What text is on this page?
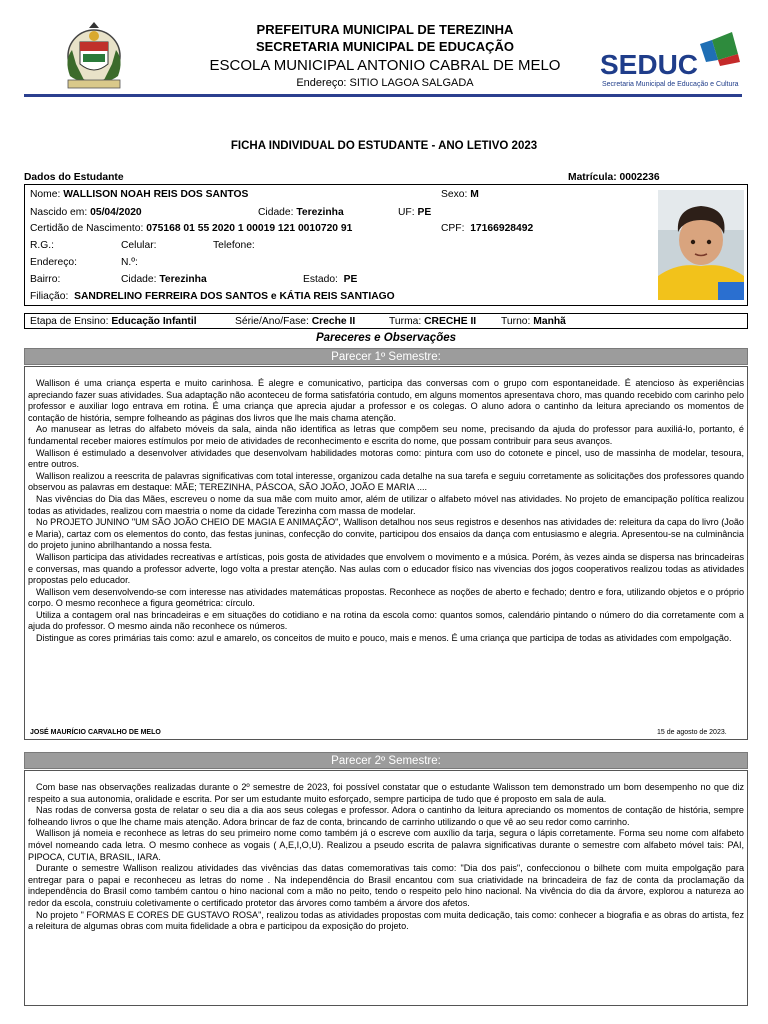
PREFEITURA MUNICIPAL DE TEREZINHA
SECRETARIA MUNICIPAL DE EDUCAÇÃO
ESCOLA MUNICIPAL ANTONIO CABRAL DE MELO
Endereço: SITIO LAGOA SALGADA
SEDUC
Secretaria Municipal de Educação e Cultura
FICHA INDIVIDUAL DO ESTUDANTE - ANO LETIVO 2023
Dados do Estudante	Matrícula: 0002236
Nome: WALLISON NOAH REIS DOS SANTOS	Sexo: M
Nascido em: 05/04/2020	Cidade: Terezinha	UF: PE
Certidão de Nascimento: 075168 01 55 2020 1 00019 121 0010720 91	CPF: 17166928492
R.G.:	Celular:	Telefone:
Endereço:	N.º:
Bairro:	Cidade: Terezinha	Estado: PE
Filiação: SANDRELINO FERREIRA DOS SANTOS e KÁTIA REIS SANTIAGO
Etapa de Ensino: Educação Infantil	Série/Ano/Fase: Creche II	Turma: CRECHE II Turno: Manhã
Pareceres e Observações
Parecer 1º Semestre:

Wallison é uma criança esperta e muito carinhosa. É alegre e comunicativo, participa das conversas com o grupo com espontaneidade. É atencioso às experiências apreciando fazer suas atividades. Sua adaptação não aconteceu de forma satisfatória contudo, em alguns momentos apresentava choro, mas quando recebido com carinho pelo professor e auxiliar logo entrava em rotina. É uma criança que aprecia ajudar a professor e os colegas. O aluno adora o cantinho da leitura apreciando os momentos de contação de história, sempre folheando as páginas dos livros que lhe mais chama atenção.

Ao manusear as letras do alfabeto móveis da sala, ainda não identifica as letras que compõem seu nome, precisando da ajuda do professor para auxiliá-lo, portanto, é fundamental receber maiores estímulos por meio de atividades de reconhecimento e escrita do nome, que possam contribuir para seus avanços.

Wallison é estimulado a desenvolver atividades que desenvolvam habilidades motoras como: pintura com uso do cotonete e pincel, uso de massinha de modelar, tesoura, entre outros.

Wallison realizou a reescrita de palavras significativas com total interesse, organizou cada detalhe na sua tarefa e seguiu corretamente as solicitações dos professores quando observou as palavras em destaque: MÃE; TEREZINHA, PÁSCOA, SÃO JOÃO, JOÃO E MARIA ....

Nas vivências do Dia das Mães, escreveu o nome da sua mãe com muito amor, além de utilizar o alfabeto móvel nas atividades. No projeto de emancipação política realizou todas as atividades, realizou com maestria o nome da cidade Terezinha com massa de modelar.

No PROJETO JUNINO "UM SÃO JOÃO CHEIO DE MAGIA E ANIMAÇÃO", Wallison detalhou nos seus registros e desenhos nas atividades de: releitura da capa do livro (João e Maria), cartaz com os elementos do conto, das festas juninas, confecção do convite, participou dos ensaios da dança com entusiasmo e alegria. Apresentou-se na culminância do projeto junino abrilhantando a nossa festa.

Wallison participa das atividades recreativas e artísticas, pois gosta de atividades que envolvem o movimento e a música. Porém, às vezes ainda se dispersa nas brincadeiras e conversas, mas quando a professor adverte, logo volta a prestar atenção. Nas aulas com o educador físico nas vivencias dos jogos cooperativos realizou todas as atividades propostas pelo educador.

Wallison vem desenvolvendo-se com interesse nas atividades matemáticas propostas. Reconhece as noções de aberto e fechado; dentro e fora, utilizando objetos e o próprio corpo. O mesmo reconhece a figura geométrica: círculo.

Utiliza a contagem oral nas brincadeiras e em situações do cotidiano e na rotina da escola como: quantos somos, calendário pintando o número do dia corretamente com a ajuda do professor. O mesmo ainda não reconhece os números.

Distingue as cores primárias tais como: azul e amarelo, os conceitos de muito e pouco, mais e menos. É uma criança que participa de todas as atividades com empolgação.

JOSÉ MAURÍCIO CARVALHO DE MELO	15 de agosto de 2023.
Parecer 2º Semestre:

Com base nas observações realizadas durante o 2º semestre de 2023, foi possível constatar que o estudante Walisson tem demonstrado um bom desempenho no que diz respeito a sua autonomia, oralidade e escrita. Por ser um estudante muito esforçado, sempre participa de tudo que é proposto em sala de aula.

Nas rodas de conversa gosta de relatar o seu dia a dia aos seus colegas e professor. Adora o cantinho da leitura apreciando os momentos de contação de história, sempre folheando livros o que lhe chame mais atenção. Adora brincar de faz de conta, brincando de carrinho utilizando o que vê ao seu redor como carrinho.

Wallison já nomeia e reconhece as letras do seu primeiro nome como também já o escreve com auxílio da tarja, segura o lápis corretamente. Forma seu nome com alfabeto móvel nomeando cada letra. O mesmo conhece as vogais ( A,E,I,O,U). Realizou a pseudo escrita de palavra significativas durante o semestre com alfabeto móvel tais: PAI, PIPOCA, CUTIA, BRASIL, IARA.

Durante o semestre Wallison realizou atividades das vivências das datas comemorativas tais como: "Dia dos pais", confeccionou o bilhete com muita empolgação para entregar para o papai e reconheceu as letras do nome . Na independência do Brasil encantou com sua criatividade na brincadeira de faz de conta da proclamação da independência do Brasil como também cantou o hino nacional com a mão no peito, tendo o respeito pelo hino nacional. Na vivência do dia da árvore, explorou a natureza ao redor da escola, construiu coletivamente o certificado protetor das árvores como também a árvore dos afetos.

No projeto " FORMAS E CORES DE GUSTAVO ROSA", realizou todas as atividades propostas com muita dedicação, tais como: conhecer a biografia e as obras do artista, fez a releitura de algumas obras com muita fidelidade a obra e participou da exposição do projeto.
